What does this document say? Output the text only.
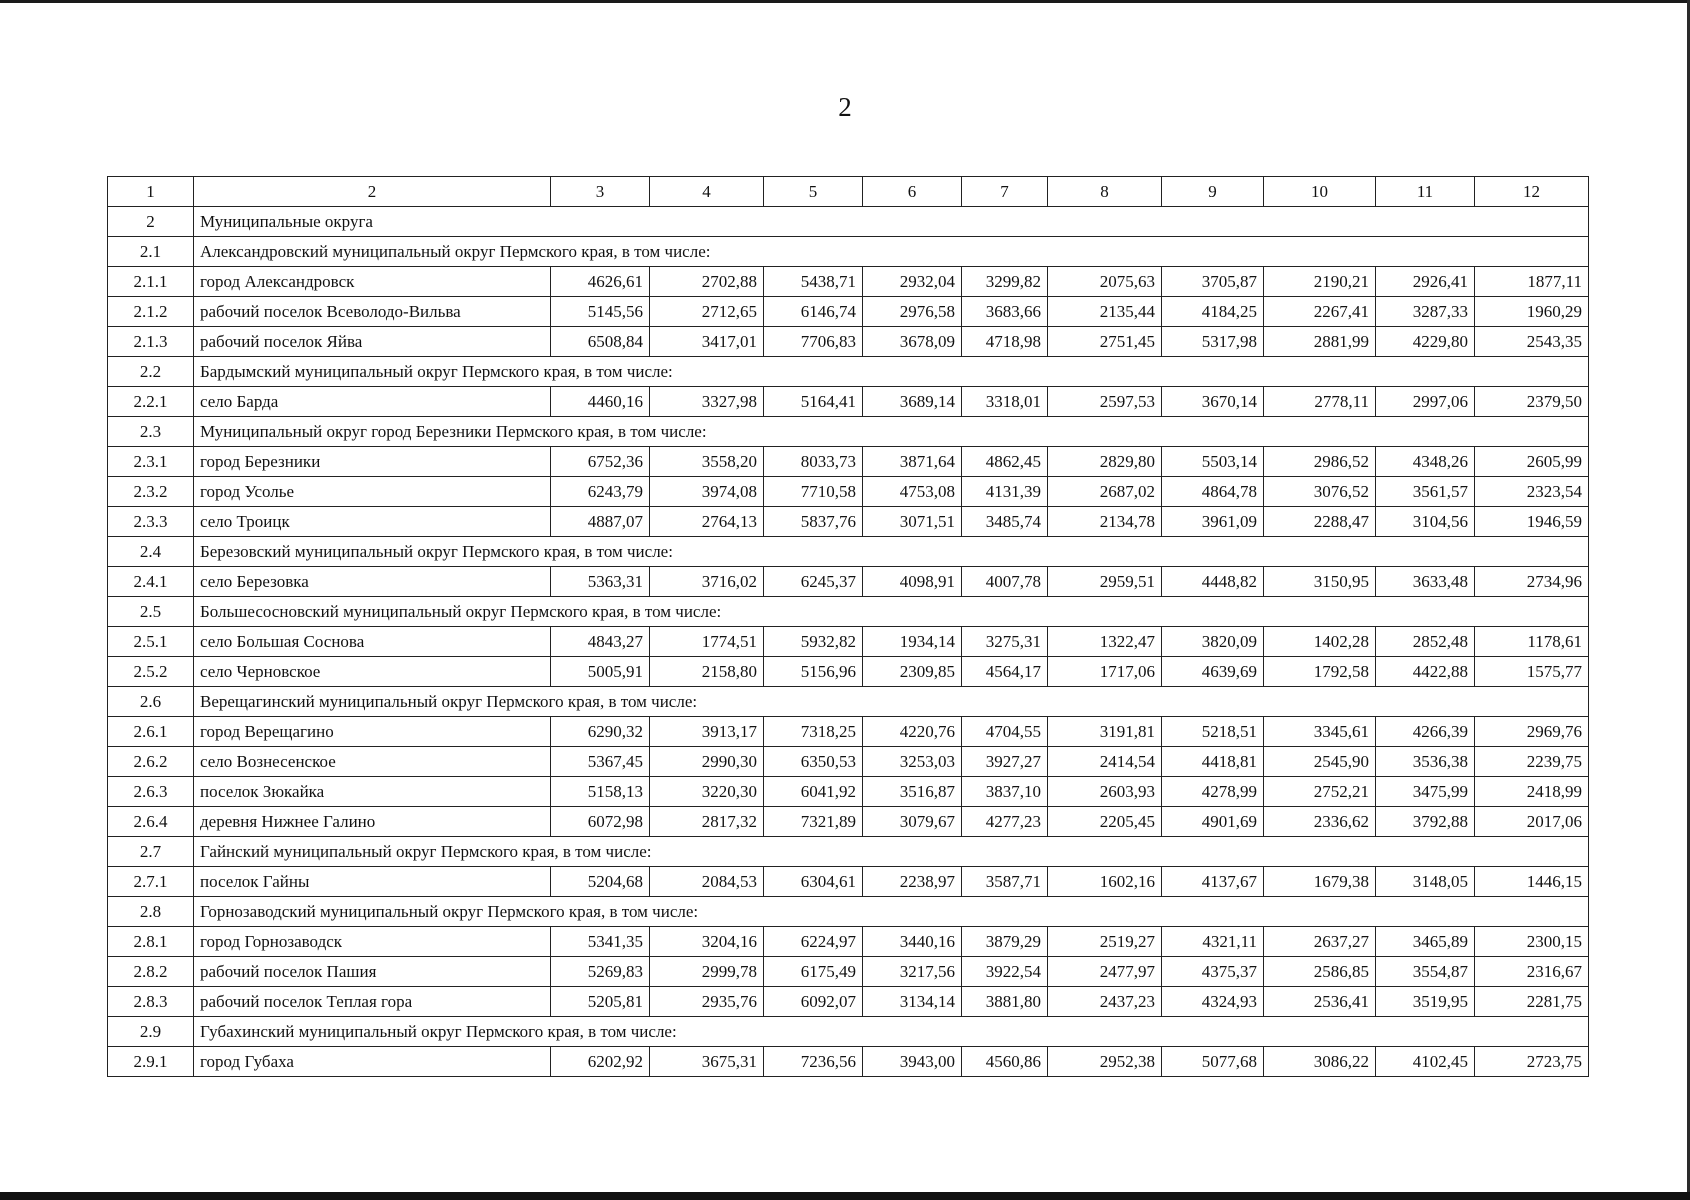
2
1	2	3	4	5	6	7	8	9	10	11	12
2	Муниципальные округа										
2.1	Александровский муниципальный округ Пермского края, в том числе:										
2.1.1	город Александровск	4626,61	2702,88	5438,71	2932,04	3299,82	2075,63	3705,87	2190,21	2926,41	1877,11
2.1.2	рабочий поселок Всеволодо-Вильва	5145,56	2712,65	6146,74	2976,58	3683,66	2135,44	4184,25	2267,41	3287,33	1960,29
2.1.3	рабочий поселок Яйва	6508,84	3417,01	7706,83	3678,09	4718,98	2751,45	5317,98	2881,99	4229,80	2543,35
2.2	Бардымский муниципальный округ Пермского края, в том числе:										
2.2.1	село Барда	4460,16	3327,98	5164,41	3689,14	3318,01	2597,53	3670,14	2778,11	2997,06	2379,50
2.3	Муниципальный округ город Березники Пермского края, в том числе:										
2.3.1	город Березники	6752,36	3558,20	8033,73	3871,64	4862,45	2829,80	5503,14	2986,52	4348,26	2605,99
2.3.2	город Усолье	6243,79	3974,08	7710,58	4753,08	4131,39	2687,02	4864,78	3076,52	3561,57	2323,54
2.3.3	село Троицк	4887,07	2764,13	5837,76	3071,51	3485,74	2134,78	3961,09	2288,47	3104,56	1946,59
2.4	Березовский муниципальный округ Пермского края, в том числе:										
2.4.1	село Березовка	5363,31	3716,02	6245,37	4098,91	4007,78	2959,51	4448,82	3150,95	3633,48	2734,96
2.5	Большесосновский муниципальный округ Пермского края, в том числе:										
2.5.1	село Большая Соснова	4843,27	1774,51	5932,82	1934,14	3275,31	1322,47	3820,09	1402,28	2852,48	1178,61
2.5.2	село Черновское	5005,91	2158,80	5156,96	2309,85	4564,17	1717,06	4639,69	1792,58	4422,88	1575,77
2.6	Верещагинский муниципальный округ Пермского края, в том числе:										
2.6.1	город Верещагино	6290,32	3913,17	7318,25	4220,76	4704,55	3191,81	5218,51	3345,61	4266,39	2969,76
2.6.2	село Вознесенское	5367,45	2990,30	6350,53	3253,03	3927,27	2414,54	4418,81	2545,90	3536,38	2239,75
2.6.3	поселок Зюкайка	5158,13	3220,30	6041,92	3516,87	3837,10	2603,93	4278,99	2752,21	3475,99	2418,99
2.6.4	деревня Нижнее Галино	6072,98	2817,32	7321,89	3079,67	4277,23	2205,45	4901,69	2336,62	3792,88	2017,06
2.7	Гайнский муниципальный округ Пермского края, в том числе:										
2.7.1	поселок Гайны	5204,68	2084,53	6304,61	2238,97	3587,71	1602,16	4137,67	1679,38	3148,05	1446,15
2.8	Горнозаводский муниципальный округ Пермского края, в том числе:										
2.8.1	город Горнозаводск	5341,35	3204,16	6224,97	3440,16	3879,29	2519,27	4321,11	2637,27	3465,89	2300,15
2.8.2	рабочий поселок Пашия	5269,83	2999,78	6175,49	3217,56	3922,54	2477,97	4375,37	2586,85	3554,87	2316,67
2.8.3	рабочий поселок Теплая гора	5205,81	2935,76	6092,07	3134,14	3881,80	2437,23	4324,93	2536,41	3519,95	2281,75
2.9	Губахинский муниципальный округ Пермского края, в том числе:										
2.9.1	город Губаха	6202,92	3675,31	7236,56	3943,00	4560,86	2952,38	5077,68	3086,22	4102,45	2723,75
